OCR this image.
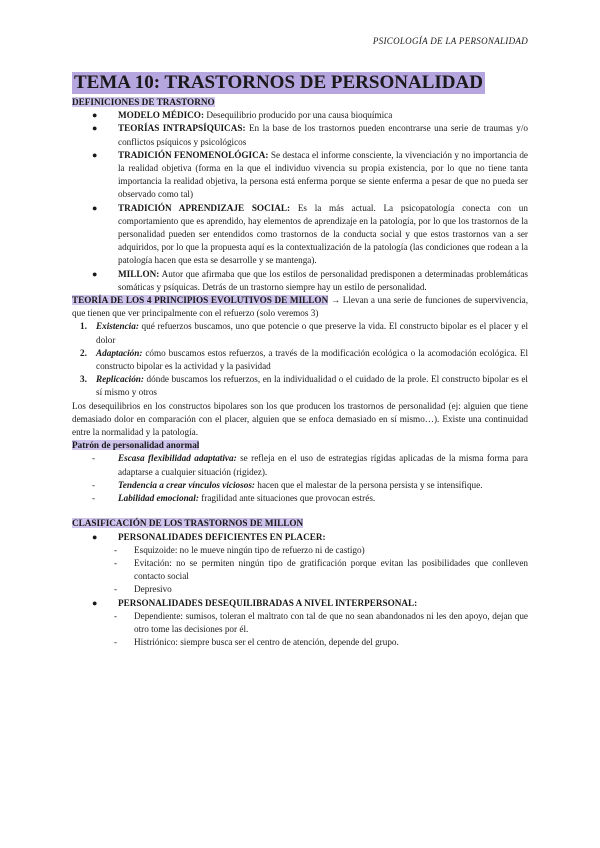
PSICOLOGÍA DE LA PERSONALIDAD
TEMA 10: TRASTORNOS DE PERSONALIDAD
DEFINICIONES DE TRASTORNO
● MODELO MÉDICO: Desequilibrio producido por una causa bioquímica
● TEORÍAS INTRAPSÍQUICAS: En la base de los trastornos pueden encontrarse una serie de traumas y/o conflictos psíquicos y psicológicos
● TRADICIÓN FENOMENOLÓGICA: Se destaca el informe consciente, la vivenciación y no importancia de la realidad objetiva (forma en la que el individuo vivencia su propia existencia, por lo que no tiene tanta importancia la realidad objetiva, la persona está enferma porque se siente enferma a pesar de que no pueda ser observado como tal)
● TRADICIÓN APRENDIZAJE SOCIAL: Es la más actual. La psicopatología conecta con un comportamiento que es aprendido, hay elementos de aprendizaje en la patología, por lo que los trastornos de la personalidad pueden ser entendidos como trastornos de la conducta social y que estos trastornos van a ser adquiridos, por lo que la propuesta aquí es la contextualización de la patología (las condiciones que rodean a la patología hacen que esta se desarrolle y se mantenga).
● MILLON: Autor que afirmaba que que los estilos de personalidad predisponen a determinadas problemáticas somáticas y psíquicas. Detrás de un trastorno siempre hay un estilo de personalidad.

TEORÍA DE LOS 4 PRINCIPIOS EVOLUTIVOS DE MILLON → Llevan a una serie de funciones de supervivencia, que tienen que ver principalmente con el refuerzo (solo veremos 3)

1. Existencia: qué refuerzos buscamos, uno que potencie o que preserve la vida. El constructo bipolar es el placer y el dolor
2. Adaptación: cómo buscamos estos refuerzos, a través de la modificación ecológica o la acomodación ecológica. El constructo bipolar es la actividad y la pasividad
3. Replicación: dónde buscamos los refuerzos, en la individualidad o el cuidado de la prole. El constructo bipolar es el sí mismo y otros

Los desequilibrios en los constructos bipolares son los que producen los trastornos de personalidad (ej: alguien que tiene demasiado dolor en comparación con el placer, alguien que se enfoca demasiado en sí mismo…). Existe una continuidad entre la normalidad y la patología.

Patrón de personalidad anormal
- Escasa flexibilidad adaptativa: se refleja en el uso de estrategias rígidas aplicadas de la misma forma para adaptarse a cualquier situación (rigidez).
- Tendencia a crear vínculos viciosos: hacen que el malestar de la persona persista y se intensifique.
- Labilidad emocional: fragilidad ante situaciones que provocan estrés.
CLASIFICACIÓN DE LOS TRASTORNOS DE MILLON
● PERSONALIDADES DEFICIENTES EN PLACER:
- Esquizoide: no le mueve ningún tipo de refuerzo ni de castigo)
- Evitación: no se permiten ningún tipo de gratificación porque evitan las posibilidades que conlleven contacto social
- Depresivo
● PERSONALIDADES DESEQUILIBRADAS A NIVEL INTERPERSONAL:
- Dependiente: sumisos, toleran el maltrato con tal de que no sean abandonados ni les den apoyo, dejan que otro tome las decisiones por él.
- Histriónico: siempre busca ser el centro de atención, depende del grupo.
